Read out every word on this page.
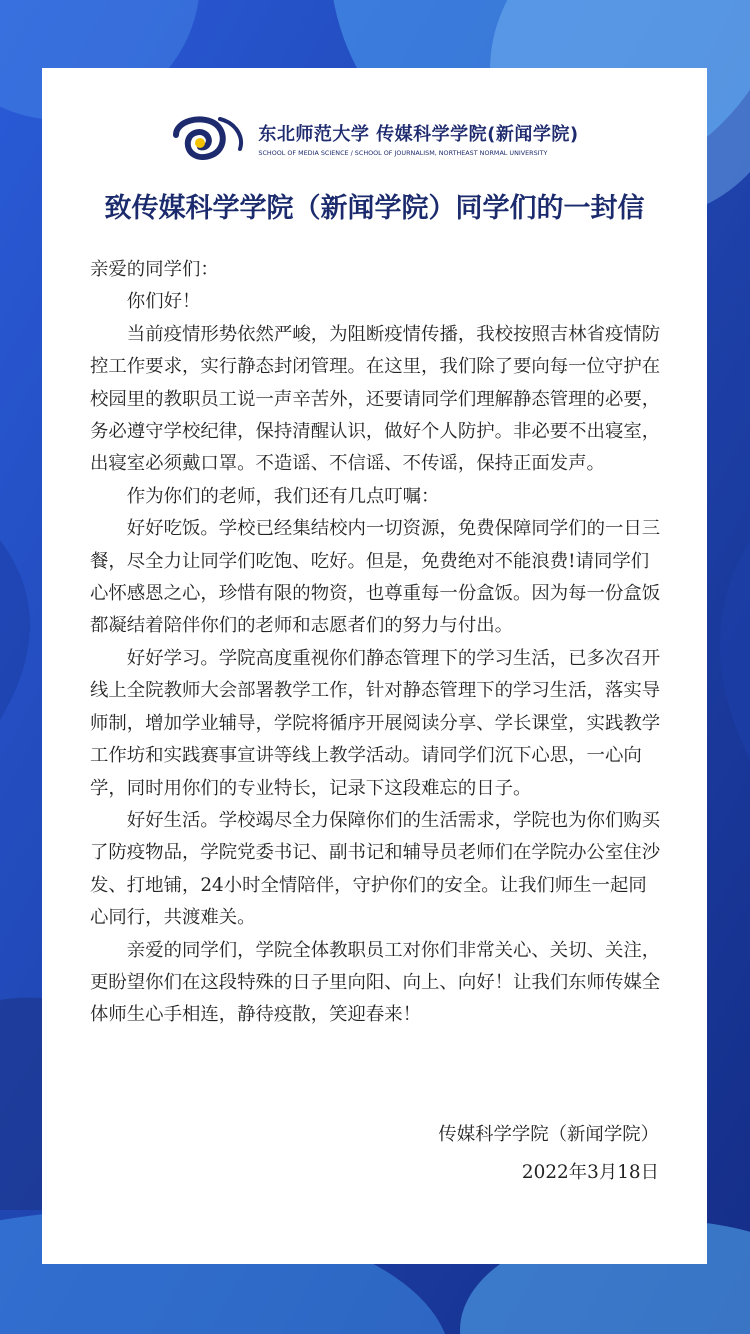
东北师范大学 传媒科学学院(新闻学院)
SCHOOL OF MEDIA SCIENCE / SCHOOL OF JOURNALISM, NORTHEAST NORMAL UNIVERSITY
致传媒科学学院（新闻学院）同学们的一封信

亲爱的同学们：

你们好！

当前疫情形势依然严峻，为阻断疫情传播，我校按照吉林省疫情防控工作要求，实行静态封闭管理。在这里，我们除了要向每一位守护在校园里的教职员工说一声辛苦外，还要请同学们理解静态管理的必要，务必遵守学校纪律，保持清醒认识，做好个人防护。非必要不出寝室，出寝室必须戴口罩。不造谣、不信谣、不传谣，保持正面发声。

作为你们的老师，我们还有几点叮嘱：

好好吃饭。学校已经集结校内一切资源，免费保障同学们的一日三餐，尽全力让同学们吃饱、吃好。但是，免费绝对不能浪费!请同学们心怀感恩之心，珍惜有限的物资，也尊重每一份盒饭。因为每一份盒饭都凝结着陪伴你们的老师和志愿者们的努力与付出。

好好学习。学院高度重视你们静态管理下的学习生活，已多次召开线上全院教师大会部署教学工作，针对静态管理下的学习生活，落实导师制，增加学业辅导，学院将循序开展阅读分享、学长课堂，实践教学工作坊和实践赛事宣讲等线上教学活动。请同学们沉下心思，一心向学，同时用你们的专业特长，记录下这段难忘的日子。

好好生活。学校竭尽全力保障你们的生活需求，学院也为你们购买了防疫物品，学院党委书记、副书记和辅导员老师们在学院办公室住沙发、打地铺，24小时全情陪伴，守护你们的安全。让我们师生一起同心同行，共渡难关。

亲爱的同学们，学院全体教职员工对你们非常关心、关切、关注，更盼望你们在这段特殊的日子里向阳、向上、向好！让我们东师传媒全体师生心手相连，静待疫散，笑迎春来！

传媒科学学院（新闻学院）
2022年3月18日
